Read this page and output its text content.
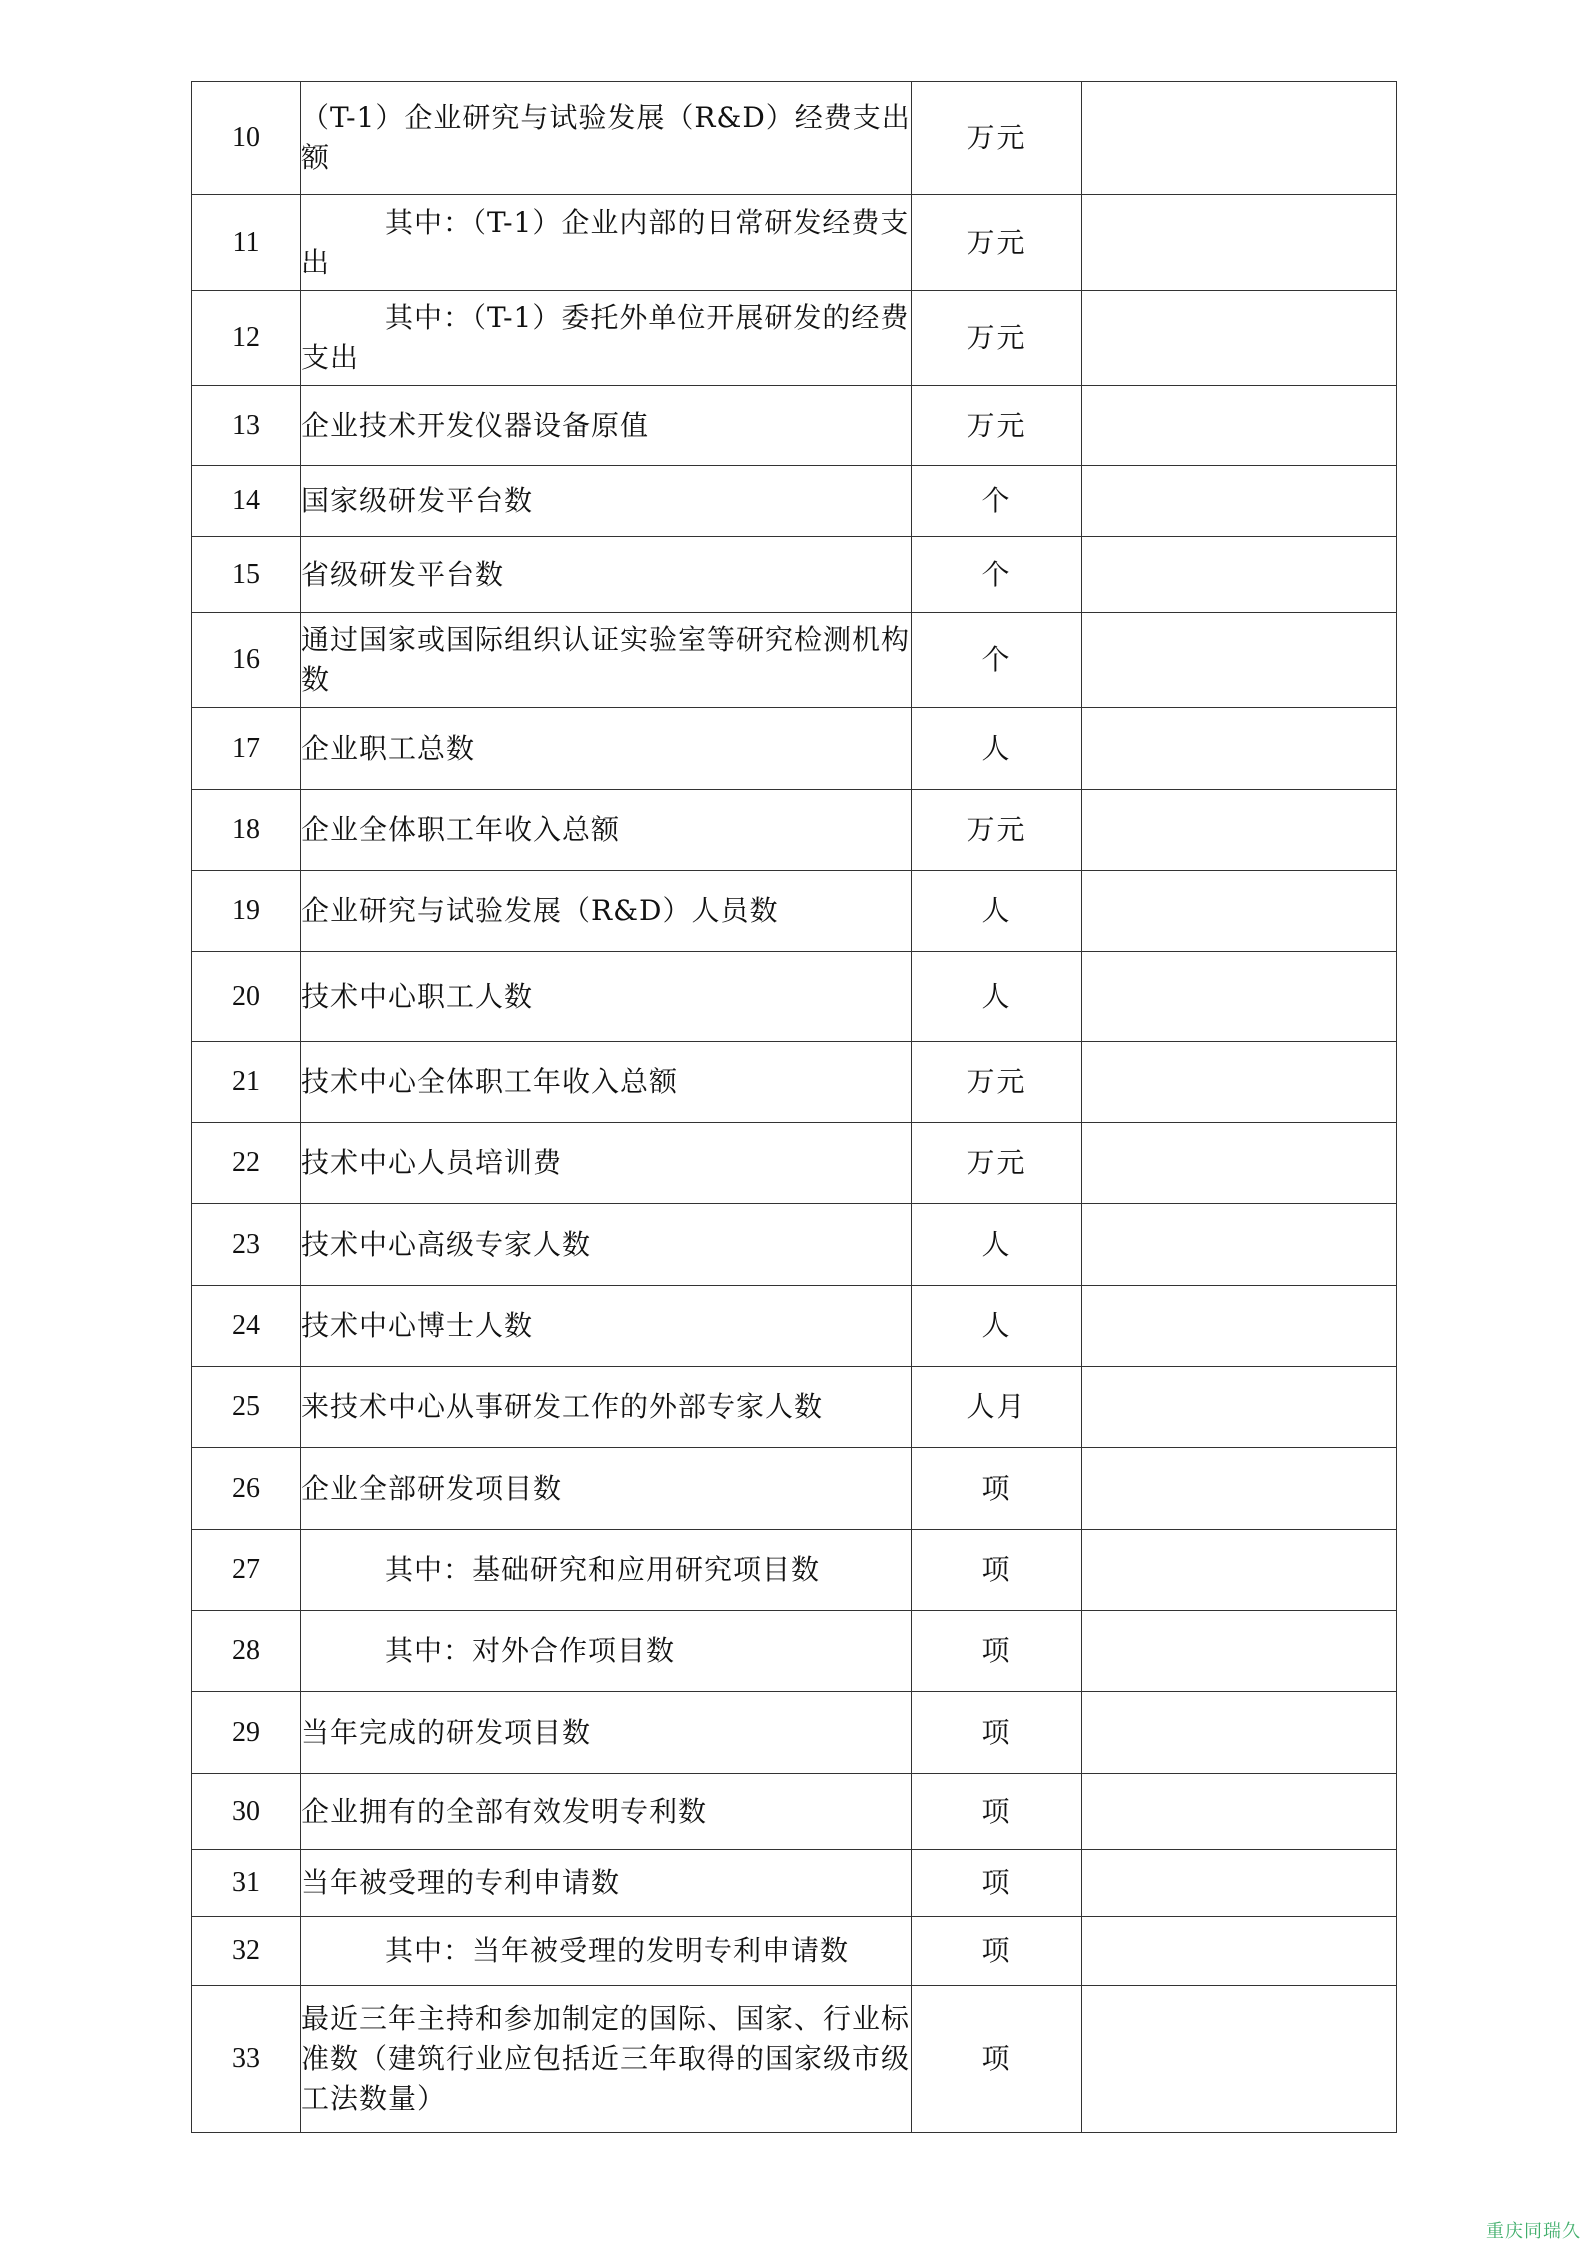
10	（T-1）企业研究与试验发展（R&D）经费支出额	万元	
11	其中：（T-1）企业内部的日常研发经费支出	万元	
12	其中：（T-1）委托外单位开展研发的经费支出	万元	
13	企业技术开发仪器设备原值	万元	
14	国家级研发平台数	个	
15	省级研发平台数	个	
16	通过国家或国际组织认证实验室等研究检测机构数	个	
17	企业职工总数	人	
18	企业全体职工年收入总额	万元	
19	企业研究与试验发展（R&D）人员数	人	
20	技术中心职工人数	人	
21	技术中心全体职工年收入总额	万元	
22	技术中心人员培训费	万元	
23	技术中心高级专家人数	人	
24	技术中心博士人数	人	
25	来技术中心从事研发工作的外部专家人数	人月	
26	企业全部研发项目数	项	
27	其中：基础研究和应用研究项目数	项	
28	其中：对外合作项目数	项	
29	当年完成的研发项目数	项	
30	企业拥有的全部有效发明专利数	项	
31	当年被受理的专利申请数	项	
32	其中：当年被受理的发明专利申请数	项	
33	最近三年主持和参加制定的国际、国家、行业标准数（建筑行业应包括近三年取得的国家级市级工法数量）	项	
重庆同瑞久
